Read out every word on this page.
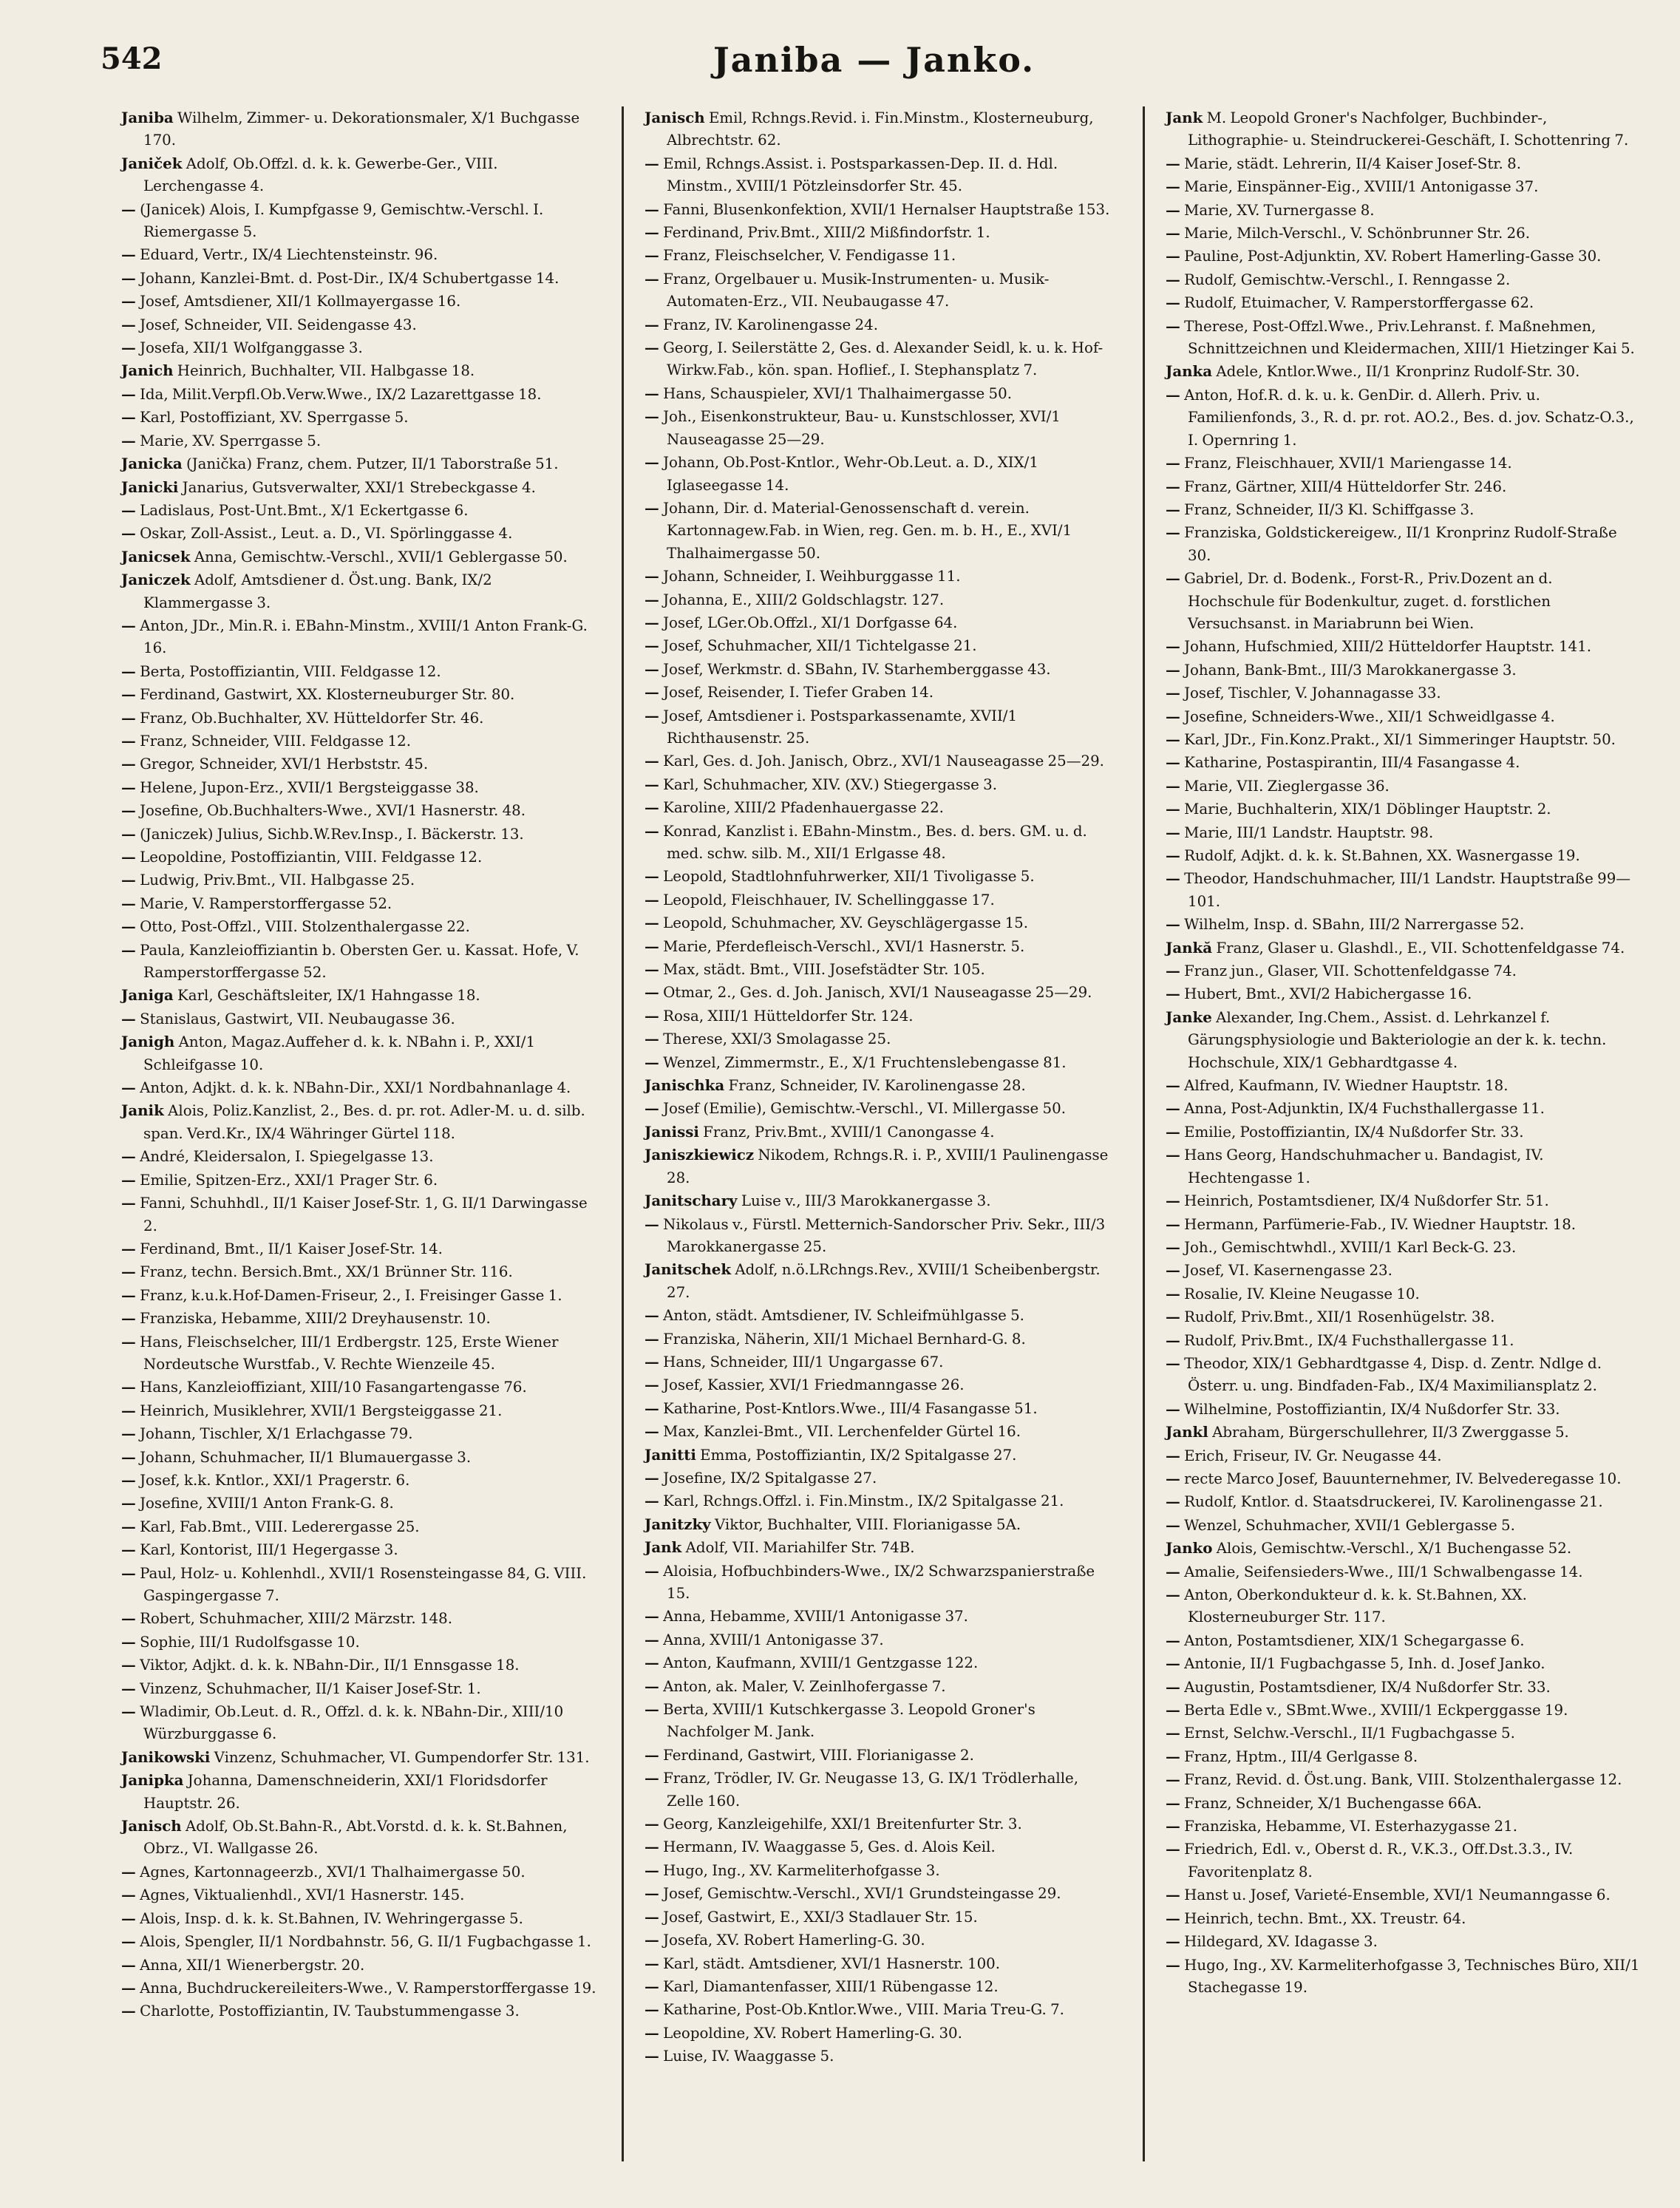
542	Janiba — Janko.

Janiba Wilhelm, Zimmer- u. Dekorationsmaler, X/1 Buchgasse 170.

Janiček Adolf, Ob.Offzl. d. k. k. Gewerbe-Ger., VIII. Lerchengasse 4.

— (Janicek) Alois, I. Kumpfgasse 9, Gemischtw.-Verschl. I. Riemergasse 5.

— Eduard, Vertr., IX/4 Liechtensteinstr. 96.

— Johann, Kanzlei-Bmt. d. Post-Dir., IX/4 Schubertgasse 14.

— Josef, Amtsdiener, XII/1 Kollmayergasse 16.

— Josef, Schneider, VII. Seidengasse 43.

— Josefa, XII/1 Wolfganggasse 3.

Janich Heinrich, Buchhalter, VII. Halbgasse 18.

— Ida, Milit.Verpfl.Ob.Verw.Wwe., IX/2 Lazarettgasse 18.

— Karl, Postoffiziant, XV. Sperrgasse 5.

— Marie, XV. Sperrgasse 5.

Janicka (Janička) Franz, chem. Putzer, II/1 Taborstraße 51.

Janicki Janarius, Gutsverwalter, XXI/1 Strebeckgasse 4.

— Ladislaus, Post-Unt.Bmt., X/1 Eckertgasse 6.

— Oskar, Zoll-Assist., Leut. a. D., VI. Spörlinggasse 4.

Janicsek Anna, Gemischtw.-Verschl., XVII/1 Geblergasse 50.

Janiczek Adolf, Amtsdiener d. Öst.ung. Bank, IX/2 Klammergasse 3.

— Anton, JDr., Min.R. i. EBahn-Minstm., XVIII/1 Anton Frank-G. 16.

— Berta, Postoffiziantin, VIII. Feldgasse 12.

— Ferdinand, Gastwirt, XX. Klosterneuburger Str. 80.

— Franz, Ob.Buchhalter, XV. Hütteldorfer Str. 46.

— Franz, Schneider, VIII. Feldgasse 12.

— Gregor, Schneider, XVI/1 Herbststr. 45.

— Helene, Jupon-Erz., XVII/1 Bergsteiggasse 38.

— Josefine, Ob.Buchhalters-Wwe., XVI/1 Hasnerstr. 48.

— (Janiczek) Julius, Sichb.W.Rev.Insp., I. Bäckerstr. 13.

— Leopoldine, Postoffiziantin, VIII. Feldgasse 12.

— Ludwig, Priv.Bmt., VII. Halbgasse 25.

— Marie, V. Ramperstorffergasse 52.

— Otto, Post-Offzl., VIII. Stolzenthalergasse 22.

— Paula, Kanzleioffiziantin b. Obersten Ger. u. Kassat. Hofe, V. Ramperstorffergasse 52.

Janiga Karl, Geschäftsleiter, IX/1 Hahngasse 18.

— Stanislaus, Gastwirt, VII. Neubaugasse 36.

Janigh Anton, Magaz.Auffeher d. k. k. NBahn i. P., XXI/1 Schleifgasse 10.

— Anton, Adjkt. d. k. k. NBahn-Dir., XXI/1 Nordbahnanlage 4.

Janik Alois, Poliz.Kanzlist, 2., Bes. d. pr. rot. Adler-M. u. d. silb. span. Verd.Kr., IX/4 Währinger Gürtel 118.

— André, Kleidersalon, I. Spiegelgasse 13.

— Emilie, Spitzen-Erz., XXI/1 Prager Str. 6.

— Fanni, Schuhhdl., II/1 Kaiser Josef-Str. 1, G. II/1 Darwingasse 2.

— Ferdinand, Bmt., II/1 Kaiser Josef-Str. 14.

— Franz, techn. Bersich.Bmt., XX/1 Brünner Str. 116.

— Franz, k.u.k.Hof-Damen-Friseur, 2., I. Freisinger Gasse 1.

— Franziska, Hebamme, XIII/2 Dreyhausenstr. 10.

— Hans, Fleischselcher, III/1 Erdbergstr. 125, Erste Wiener Nordeutsche Wurstfab., V. Rechte Wienzeile 45.

— Hans, Kanzleioffiziant, XIII/10 Fasangartengasse 76.

— Heinrich, Musiklehrer, XVII/1 Bergsteiggasse 21.

— Johann, Tischler, X/1 Erlachgasse 79.

— Johann, Schuhmacher, II/1 Blumauergasse 3.

— Josef, k.k. Kntlor., XXI/1 Pragerstr. 6.

— Josefine, XVIII/1 Anton Frank-G. 8.

— Karl, Fab.Bmt., VIII. Lederergasse 25.

— Karl, Kontorist, III/1 Hegergasse 3.

— Paul, Holz- u. Kohlenhdl., XVII/1 Rosensteingasse 84, G. VIII. Gaspingergasse 7.

— Robert, Schuhmacher, XIII/2 Märzstr. 148.

— Sophie, III/1 Rudolfsgasse 10.

— Viktor, Adjkt. d. k. k. NBahn-Dir., II/1 Ennsgasse 18.

— Vinzenz, Schuhmacher, II/1 Kaiser Josef-Str. 1.

— Wladimir, Ob.Leut. d. R., Offzl. d. k. k. NBahn-Dir., XIII/10 Würzburggasse 6.

Janikowski Vinzenz, Schuhmacher, VI. Gumpendorfer Str. 131.

Janipka Johanna, Damenschneiderin, XXI/1 Floridsdorfer Hauptstr. 26.

Janisch Adolf, Ob.St.Bahn-R., Abt.Vorstd. d. k. k. St.Bahnen, Obrz., VI. Wallgasse 26.

— Agnes, Kartonnageerzb., XVI/1 Thalhaimergasse 50.

— Agnes, Viktualienhdl., XVI/1 Hasnerstr. 145.

— Alois, Insp. d. k. k. St.Bahnen, IV. Wehringergasse 5.

— Alois, Spengler, II/1 Nordbahnstr. 56, G. II/1 Fugbachgasse 1.

— Anna, XII/1 Wienerbergstr. 20.

— Anna, Buchdruckereileiters-Wwe., V. Ramperstorffergasse 19.

— Charlotte, Postoffiziantin, IV. Taubstummengasse 3.

Janisch Emil, Rchngs.Revid. i. Fin.Minstm., Klosterneuburg, Albrechtstr. 62.

— Emil, Rchngs.Assist. i. Postsparkassen-Dep. II. d. Hdl. Minstm., XVIII/1 Pötzleinsdorfer Str. 45.

— Fanni, Blusenkonfektion, XVII/1 Hernalser Hauptstraße 153.

— Ferdinand, Priv.Bmt., XIII/2 Mißfindorfstr. 1.

— Franz, Fleischselcher, V. Fendigasse 11.

— Franz, Orgelbauer u. Musik-Instrumenten- u. Musik-Automaten-Erz., VII. Neubaugasse 47.

— Franz, IV. Karolinengasse 24.

— Georg, I. Seilerstätte 2, Ges. d. Alexander Seidl, k. u. k. Hof-Wirkw.Fab., kön. span. Hoflief., I. Stephansplatz 7.

— Hans, Schauspieler, XVI/1 Thalhaimergasse 50.

— Joh., Eisenkonstrukteur, Bau- u. Kunstschlosser, XVI/1 Nauseagasse 25—29.

— Johann, Ob.Post-Kntlor., Wehr-Ob.Leut. a. D., XIX/1 Iglaseegasse 14.

— Johann, Dir. d. Material-Genossenschaft d. verein. Kartonnagew.Fab. in Wien, reg. Gen. m. b. H., E., XVI/1 Thalhaimergasse 50.

— Johann, Schneider, I. Weihburggasse 11.

— Johanna, E., XIII/2 Goldschlagstr. 127.

— Josef, LGer.Ob.Offzl., XI/1 Dorfgasse 64.

— Josef, Schuhmacher, XII/1 Tichtelgasse 21.

— Josef, Werkmstr. d. SBahn, IV. Starhemberggasse 43.

— Josef, Reisender, I. Tiefer Graben 14.

— Josef, Amtsdiener i. Postsparkassenamte, XVII/1 Richthausenstr. 25.

— Karl, Ges. d. Joh. Janisch, Obrz., XVI/1 Nauseagasse 25—29.

— Karl, Schuhmacher, XIV. (XV.) Stiegergasse 3.

— Karoline, XIII/2 Pfadenhauergasse 22.

— Konrad, Kanzlist i. EBahn-Minstm., Bes. d. bers. GM. u. d. med. schw. silb. M., XII/1 Erlgasse 48.

— Leopold, Stadtlohnfuhrwerker, XII/1 Tivoligasse 5.

— Leopold, Fleischhauer, IV. Schellinggasse 17.

— Leopold, Schuhmacher, XV. Geyschlägergasse 15.

— Marie, Pferdefleisch-Verschl., XVI/1 Hasnerstr. 5.

— Max, städt. Bmt., VIII. Josefstädter Str. 105.

— Otmar, 2., Ges. d. Joh. Janisch, XVI/1 Nauseagasse 25—29.

— Rosa, XIII/1 Hütteldorfer Str. 124.

— Therese, XXI/3 Smolagasse 25.

— Wenzel, Zimmermstr., E., X/1 Fruchtenslebengasse 81.

Janischka Franz, Schneider, IV. Karolinengasse 28.

— Josef (Emilie), Gemischtw.-Verschl., VI. Millergasse 50.

Janissi Franz, Priv.Bmt., XVIII/1 Canongasse 4.

Janiszkiewicz Nikodem, Rchngs.R. i. P., XVIII/1 Paulinengasse 28.

Janitschary Luise v., III/3 Marokkanergasse 3.

— Nikolaus v., Fürstl. Metternich-Sandorscher Priv. Sekr., III/3 Marokkanergasse 25.

Janitschek Adolf, n.ö.LRchngs.Rev., XVIII/1 Scheibenbergstr. 27.

— Anton, städt. Amtsdiener, IV. Schleifmühlgasse 5.

— Franziska, Näherin, XII/1 Michael Bernhard-G. 8.

— Hans, Schneider, III/1 Ungargasse 67.

— Josef, Kassier, XVI/1 Friedmanngasse 26.

— Katharine, Post-Kntlors.Wwe., III/4 Fasangasse 51.

— Max, Kanzlei-Bmt., VII. Lerchenfelder Gürtel 16.

Janitti Emma, Postoffiziantin, IX/2 Spitalgasse 27.

— Josefine, IX/2 Spitalgasse 27.

— Karl, Rchngs.Offzl. i. Fin.Minstm., IX/2 Spitalgasse 21.

Janitzky Viktor, Buchhalter, VIII. Florianigasse 5A.

Jank Adolf, VII. Mariahilfer Str. 74B.

— Aloisia, Hofbuchbinders-Wwe., IX/2 Schwarzspanierstraße 15.

— Anna, Hebamme, XVIII/1 Antonigasse 37.

— Anna, XVIII/1 Antonigasse 37.

— Anton, Kaufmann, XVIII/1 Gentzgasse 122.

— Anton, ak. Maler, V. Zeinlhofergasse 7.

— Berta, XVIII/1 Kutschkergasse 3. Leopold Groner's Nachfolger M. Jank.

— Ferdinand, Gastwirt, VIII. Florianigasse 2.

— Franz, Trödler, IV. Gr. Neugasse 13, G. IX/1 Trödlerhalle, Zelle 160.

— Georg, Kanzleigehilfe, XXI/1 Breitenfurter Str. 3.

— Hermann, IV. Waaggasse 5, Ges. d. Alois Keil.

— Hugo, Ing., XV. Karmeliterhofgasse 3.

— Josef, Gemischtw.-Verschl., XVI/1 Grundsteingasse 29.

— Josef, Gastwirt, E., XXI/3 Stadlauer Str. 15.

— Josefa, XV. Robert Hamerling-G. 30.

— Karl, städt. Amtsdiener, XVI/1 Hasnerstr. 100.

— Karl, Diamantenfasser, XIII/1 Rübengasse 12.

— Katharine, Post-Ob.Kntlor.Wwe., VIII. Maria Treu-G. 7.

— Leopoldine, XV. Robert Hamerling-G. 30.

— Luise, IV. Waaggasse 5.

Jank M. Leopold Groner's Nachfolger, Buchbinder-, Lithographie- u. Steindruckerei-Geschäft, I. Schottenring 7.

— Marie, städt. Lehrerin, II/4 Kaiser Josef-Str. 8.

— Marie, Einspänner-Eig., XVIII/1 Antonigasse 37.

— Marie, XV. Turnergasse 8.

— Marie, Milch-Verschl., V. Schönbrunner Str. 26.

— Pauline, Post-Adjunktin, XV. Robert Hamerling-Gasse 30.

— Rudolf, Gemischtw.-Verschl., I. Renngasse 2.

— Rudolf, Etuimacher, V. Ramperstorffergasse 62.

— Therese, Post-Offzl.Wwe., Priv.Lehranst. f. Maßnehmen, Schnittzeichnen und Kleidermachen, XIII/1 Hietzinger Kai 5.

Janka Adele, Kntlor.Wwe., II/1 Kronprinz Rudolf-Str. 30.

— Anton, Hof.R. d. k. u. k. GenDir. d. Allerh. Priv. u. Familienfonds, 3., R. d. pr. rot. AO.2., Bes. d. jov. Schatz-O.3., I. Opernring 1.

— Franz, Fleischhauer, XVII/1 Mariengasse 14.

— Franz, Gärtner, XIII/4 Hütteldorfer Str. 246.

— Franz, Schneider, II/3 Kl. Schiffgasse 3.

— Franziska, Goldstickereigew., II/1 Kronprinz Rudolf-Straße 30.

— Gabriel, Dr. d. Bodenk., Forst-R., Priv.Dozent an d. Hochschule für Bodenkultur, zuget. d. forstlichen Versuchsanst. in Mariabrunn bei Wien.

— Johann, Hufschmied, XIII/2 Hütteldorfer Hauptstr. 141.

— Johann, Bank-Bmt., III/3 Marokkanergasse 3.

— Josef, Tischler, V. Johannagasse 33.

— Josefine, Schneiders-Wwe., XII/1 Schweidlgasse 4.

— Karl, JDr., Fin.Konz.Prakt., XI/1 Simmeringer Hauptstr. 50.

— Katharine, Postaspirantin, III/4 Fasangasse 4.

— Marie, VII. Zieglergasse 36.

— Marie, Buchhalterin, XIX/1 Döblinger Hauptstr. 2.

— Marie, III/1 Landstr. Hauptstr. 98.

— Rudolf, Adjkt. d. k. k. St.Bahnen, XX. Wasnergasse 19.

— Theodor, Handschuhmacher, III/1 Landstr. Hauptstraße 99—101.

— Wilhelm, Insp. d. SBahn, III/2 Narrergasse 52.

Jankă Franz, Glaser u. Glashdl., E., VII. Schottenfeldgasse 74.

— Franz jun., Glaser, VII. Schottenfeldgasse 74.

— Hubert, Bmt., XVI/2 Habichergasse 16.

Janke Alexander, Ing.Chem., Assist. d. Lehrkanzel f. Gärungsphysiologie und Bakteriologie an der k. k. techn. Hochschule, XIX/1 Gebhardtgasse 4.

— Alfred, Kaufmann, IV. Wiedner Hauptstr. 18.

— Anna, Post-Adjunktin, IX/4 Fuchsthallergasse 11.

— Emilie, Postoffiziantin, IX/4 Nußdorfer Str. 33.

— Hans Georg, Handschuhmacher u. Bandagist, IV. Hechtengasse 1.

— Heinrich, Postamtsdiener, IX/4 Nußdorfer Str. 51.

— Hermann, Parfümerie-Fab., IV. Wiedner Hauptstr. 18.

— Joh., Gemischtwhdl., XVIII/1 Karl Beck-G. 23.

— Josef, VI. Kasernengasse 23.

— Rosalie, IV. Kleine Neugasse 10.

— Rudolf, Priv.Bmt., XII/1 Rosenhügelstr. 38.

— Rudolf, Priv.Bmt., IX/4 Fuchsthallergasse 11.

— Theodor, XIX/1 Gebhardtgasse 4, Disp. d. Zentr. Ndlge d. Österr. u. ung. Bindfaden-Fab., IX/4 Maximiliansplatz 2.

— Wilhelmine, Postoffiziantin, IX/4 Nußdorfer Str. 33.

Jankl Abraham, Bürgerschullehrer, II/3 Zwerggasse 5.

— Erich, Friseur, IV. Gr. Neugasse 44.

— recte Marco Josef, Bauunternehmer, IV. Belvederegasse 10.

— Rudolf, Kntlor. d. Staatsdruckerei, IV. Karolinengasse 21.

— Wenzel, Schuhmacher, XVII/1 Geblergasse 5.

Janko Alois, Gemischtw.-Verschl., X/1 Buchengasse 52.

— Amalie, Seifensieders-Wwe., III/1 Schwalbengasse 14.

— Anton, Oberkondukteur d. k. k. St.Bahnen, XX. Klosterneuburger Str. 117.

— Anton, Postamtsdiener, XIX/1 Schegargasse 6.

— Antonie, II/1 Fugbachgasse 5, Inh. d. Josef Janko.

— Augustin, Postamtsdiener, IX/4 Nußdorfer Str. 33.

— Berta Edle v., SBmt.Wwe., XVIII/1 Eckperggasse 19.

— Ernst, Selchw.-Verschl., II/1 Fugbachgasse 5.

— Franz, Hptm., III/4 Gerlgasse 8.

— Franz, Revid. d. Öst.ung. Bank, VIII. Stolzenthalergasse 12.

— Franz, Schneider, X/1 Buchengasse 66A.

— Franziska, Hebamme, VI. Esterhazygasse 21.

— Friedrich, Edl. v., Oberst d. R., V.K.3., Off.Dst.3.3., IV. Favoritenplatz 8.

— Hanst u. Josef, Varieté-Ensemble, XVI/1 Neumanngasse 6.

— Heinrich, techn. Bmt., XX. Treustr. 64.

— Hildegard, XV. Idagasse 3.

— Hugo, Ing., XV. Karmeliterhofgasse 3, Technisches Büro, XII/1 Stachegasse 19.
